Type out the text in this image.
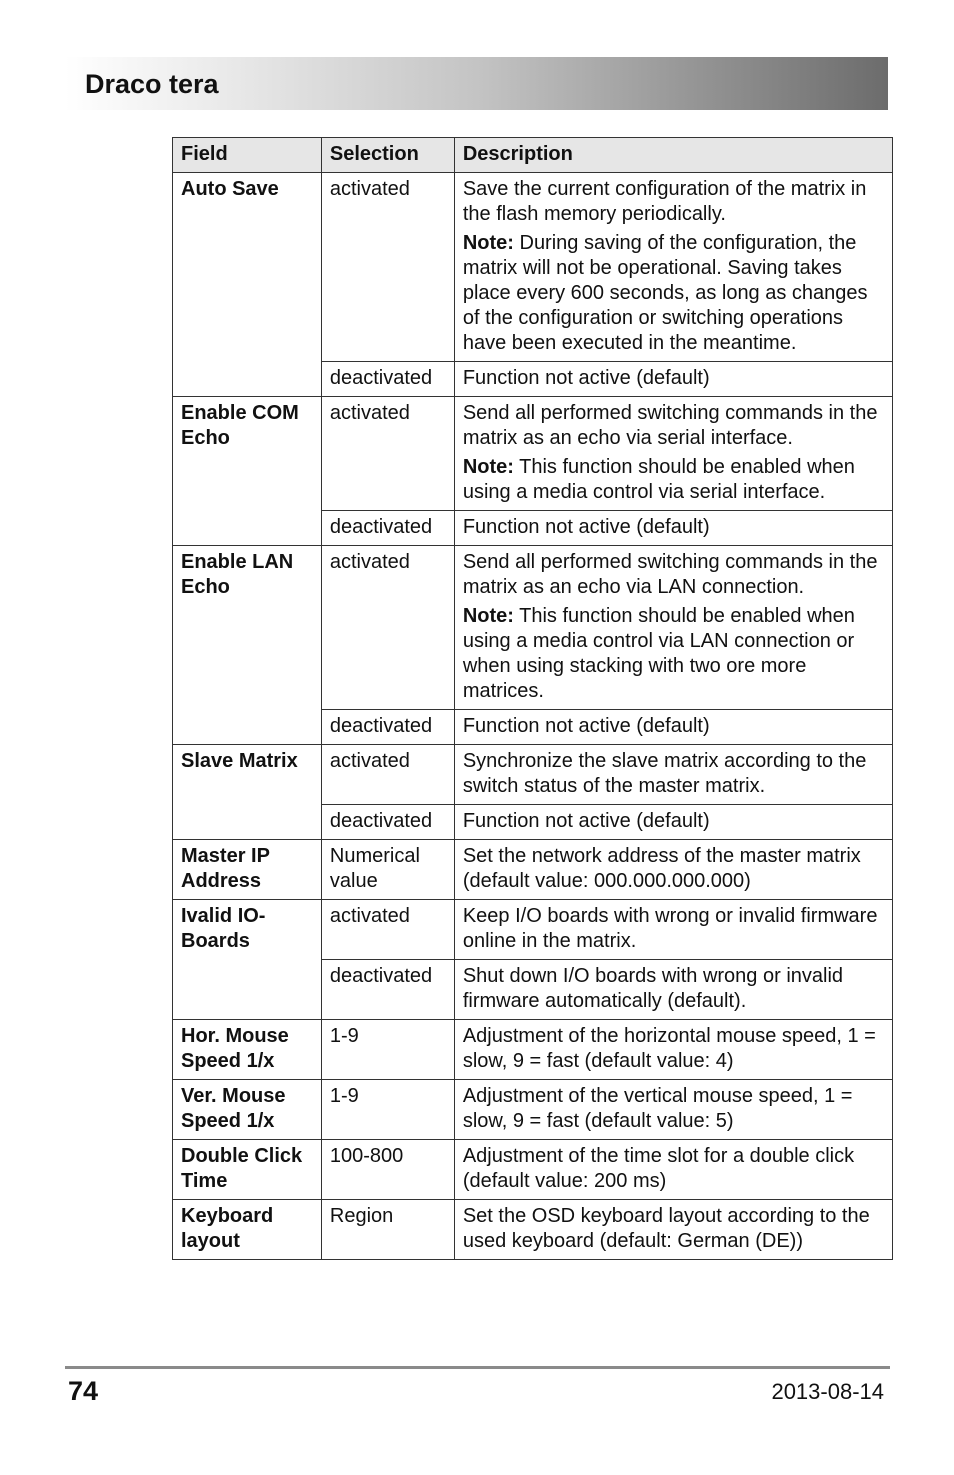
Draco tera
Field	Selection	Description
Auto Save	activated	Save the current configuration of the matrix in the flash memory periodically.

Note: During saving of the configuration, the matrix will not be operational. Saving takes place every 600 seconds, as long as changes of the configuration or switching operations have been executed in the meantime.

	deactivated	Function not active (default)

Enable COM Echo	activated	Send all performed switching commands in the matrix as an echo via serial interface.

Note: This function should be enabled when using a media control via serial interface.

	deactivated	Function not active (default)

Enable LAN Echo	activated	Send all performed switching commands in the matrix as an echo via LAN connection.

Note: This function should be enabled when using a media control via LAN connection or when using stacking with two ore more matrices.

	deactivated	Function not active (default)

Slave Matrix	activated	Synchronize the slave matrix according to the switch status of the master matrix.

	deactivated	Function not active (default)

Master IP Address	Numerical value	Set the network address of the master matrix (default value: 000.000.000.000)

Ivalid IO-Boards	activated	Keep I/O boards with wrong or invalid firmware online in the matrix.

	deactivated	Shut down I/O boards with wrong or invalid firmware automatically (default).

Hor. Mouse Speed 1/x	1-9	Adjustment of the horizontal mouse speed, 1 = slow, 9 = fast (default value: 4)

Ver. Mouse Speed 1/x	1-9	Adjustment of the vertical mouse speed, 1 = slow, 9 = fast (default value: 5)

Double Click Time	100-800	Adjustment of the time slot for a double click (default value: 200 ms)

Keyboard layout	Region	Set the OSD keyboard layout according to the used keyboard (default: German (DE))

74	2013-08-14
